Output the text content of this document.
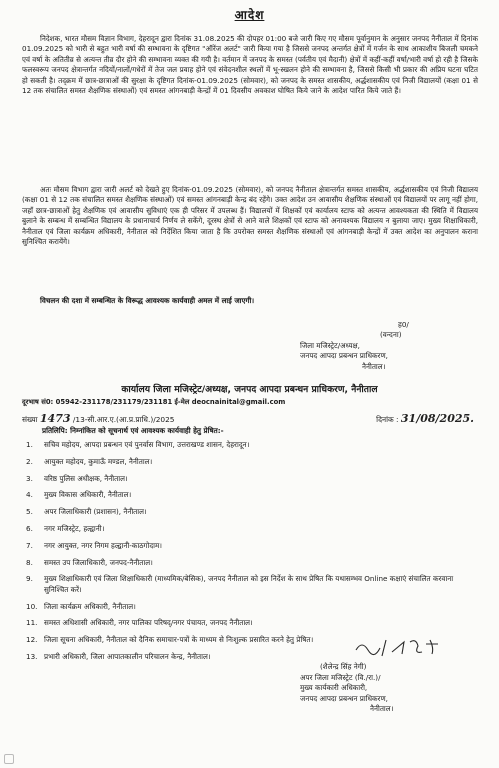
आदेश
निदेशक, भारत मौसम विज्ञान विभाग, देहरादून द्वारा दिनांक 31.08.2025 की दोपहर 01:00 बजे जारी किए गए मौसम पूर्वानुमान के अनुसार जनपद नैनीताल में दिनांक 01.09.2025 को भारी से बहुत भारी वर्षा की सम्भावना के दृष्टिगत "ऑरेंज अलर्ट" जारी किया गया है जिससे जनपद अन्तर्गत क्षेत्रों में गर्जन के साथ आकाशीय बिजली चमकने एवं वर्षा के अतितीव्र से अत्यन्त तीव्र दौर होने की सम्भावना व्यक्त की गयी है। वर्तमान में जनपद के समस्त (पर्वतीय एवं मैदानी) क्षेत्रों में कहीं-कहीं वर्षा/भारी वर्षा हो रही है जिसके फलस्वरूप जनपद क्षेत्रान्तर्गत नदियों/नालों/गधेरों में तेज जल प्रवाह होने एवं संवेदनशील स्थलों में भू-स्खलन होने की सम्भावना है, जिससे किसी भी प्रकार की अप्रिय घटना घटित हो सकती है। तद्क्रम में छात्र-छात्राओं की सुरक्षा के दृष्टिगत दिनांक-01.09.2025 (सोमवार), को जनपद के समस्त शासकीय, अर्द्धशासकीय एवं निजी विद्यालयों (कक्षा 01 से 12 तक संचालित समस्त शैक्षणिक संस्थाओं) एवं समस्त आंगनबाड़ी केन्द्रों में 01 दिवसीय अवकाश घोषित किये जाने के आदेश पारित किये जाते हैं।
अतः मौसम विभाग द्वारा जारी अलर्ट को देखते हुए दिनांक-01.09.2025 (सोमवार), को जनपद नैनीताल क्षेत्रान्तर्गत समस्त शासकीय, अर्द्धशासकीय एवं निजी विद्यालय (कक्षा 01 से 12 तक संचालित समस्त शैक्षणिक संस्थाओं) एवं समस्त आंगनबाड़ी केन्द्र बंद रहेंगे। उक्त आदेश उन आवासीय शैक्षणिक संस्थाओं एवं विद्यालयों पर लागू नहीं होगा, जहाँ छात्र-छात्राओं हेतु शैक्षणिक एवं आवासीय सुविधाएं एक ही परिसर में उपलब्ध हैं। विद्यालयों में शिक्षकों एवं कार्यालय स्टाफ को अत्यन्त आवश्यकता की स्थिति में विद्यालय बुलाने के सम्बन्ध में सम्बन्धित विद्यालय के प्रधानाचार्य निर्णय ले सकेंगे, दूरस्थ क्षेत्रों से आने वाले शिक्षकों एवं स्टाफ को अनावश्यक विद्यालय न बुलाया जाए। मुख्य शिक्षाधिकारी, नैनीताल एवं जिला कार्यक्रम अधिकारी, नैनीताल को निर्देशित किया जाता है कि उपरोक्त समस्त शैक्षणिक संस्थाओं एवं आंगनबाड़ी केन्द्रों में उक्त आदेश का अनुपालन कराना सुनिश्चित करायेंगे।
विचलन की दशा में सम्बन्धित के विरूद्ध आवश्यक कार्यवाही अमल में लाई जाएगी।
ह0/
(वन्दना)
जिला मजिस्ट्रेट/अध्यक्ष,
जनपद आपदा प्रबन्धन प्राधिकरण,
नैनीताल।
कार्यालय जिला मजिस्ट्रेट/अध्यक्ष, जनपद आपदा प्रबन्धन प्राधिकरण, नैनीताल
दूरभाष सं0: 05942-231178/231179/231181 ई-मेल deocnainital@gmail.com
संख्या 1473 /13-सी.आर.ए.(आ.प्र.प्राधि.)/2025	दिनांक : 31/08/2025.
प्रतिलिपि: निम्नांकित को सूचनार्थ एवं आवश्यक कार्यवाही हेतु प्रेषित:-
1. सचिव महोदय, आपदा प्रबन्धन एवं पुनर्वास विभाग, उत्तराखण्ड शासन, देहरादून।
2. आयुक्त महोदय, कुमाऊँ मण्डल, नैनीताल।
3. वरिष्ठ पुलिस अधीक्षक, नैनीताल।
4. मुख्य विकास अधिकारी, नैनीताल।
5. अपर जिलाधिकारी (प्रशासन), नैनीताल।
6. नगर मजिस्ट्रेट, हल्द्वानी।
7. नगर आयुक्त, नगर निगम हल्द्वानी-काठगोदाम।
8. समस्त उप जिलाधिकारी, जनपद-नैनीताल।
9. मुख्य शिक्षाधिकारी एवं जिला शिक्षाधिकारी (माध्यमिक/बेसिक), जनपद नैनीताल को इस निर्देश के साथ प्रेषित कि यथासम्भव Online कक्षाएं संचालित करवाना सुनिश्चित करें।
10. जिला कार्यक्रम अधिकारी, नैनीताल।
11. समस्त अधिशासी अधिकारी, नगर पालिका परिषद्/नगर पंचायत, जनपद नैनीताल।
12. जिला सूचना अधिकारी, नैनीताल को दैनिक समाचार-पत्रों के माध्यम से निःशुल्क प्रसारित करने हेतु प्रेषित।
13. प्रभारी अधिकारी, जिला आपातकालीन परिचालन केन्द्र, नैनीताल।
(शैलेन्द्र सिंह नेगी)
अपर जिला मजिस्ट्रेट (वि./रा.)/
मुख्य कार्यकारी अधिकारी,
जनपद आपदा प्रबन्धन प्राधिकरण,
नैनीताल।
